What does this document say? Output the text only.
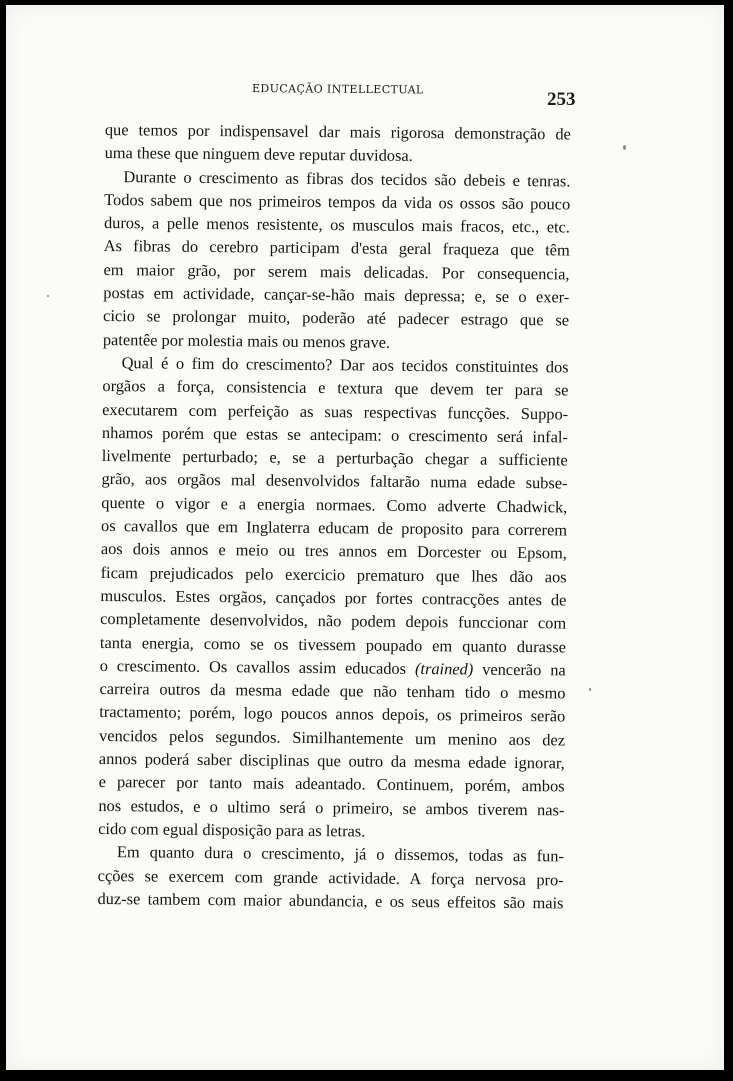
EDUCAÇÃO INTELLECTUAL	253
que temos por indispensavel dar mais rigorosa demonstração de
uma these que ninguem deve reputar duvidosa.
Durante o crescimento as fibras dos tecidos são debeis e tenras.
Todos sabem que nos primeiros tempos da vida os ossos são pouco
duros, a pelle menos resistente, os musculos mais fracos, etc., etc.
As fibras do cerebro participam d'esta geral fraqueza que têm
em maior grão, por serem mais delicadas. Por consequencia,
postas em actividade, cançar-se-hão mais depressa; e, se o exer-
cicio se prolongar muito, poderão até padecer estrago que se
patentêe por molestia mais ou menos grave.
Qual é o fim do crescimento? Dar aos tecidos constituintes dos
orgãos a força, consistencia e textura que devem ter para se
executarem com perfeição as suas respectivas funcções. Suppo-
nhamos porém que estas se antecipam: o crescimento será infal-
livelmente perturbado; e, se a perturbação chegar a sufficiente
grão, aos orgãos mal desenvolvidos faltarão numa edade subse-
quente o vigor e a energia normaes. Como adverte Chadwick,
os cavallos que em Inglaterra educam de proposito para correrem
aos dois annos e meio ou tres annos em Dorcester ou Epsom,
ficam prejudicados pelo exercicio prematuro que lhes dão aos
musculos. Estes orgãos, cançados por fortes contracções antes de
completamente desenvolvidos, não podem depois funccionar com
tanta energia, como se os tivessem poupado em quanto durasse
o crescimento. Os cavallos assim educados (trained) vencerão na
carreira outros da mesma edade que não tenham tido o mesmo
tractamento; porém, logo poucos annos depois, os primeiros serão
vencidos pelos segundos. Similhantemente um menino aos dez
annos poderá saber disciplinas que outro da mesma edade ignorar,
e parecer por tanto mais adeantado. Continuem, porém, ambos
nos estudos, e o ultimo será o primeiro, se ambos tiverem nas-
cido com egual disposição para as letras.
Em quanto dura o crescimento, já o dissemos, todas as fun-
cções se exercem com grande actividade. A força nervosa pro-
duz-se tambem com maior abundancia, e os seus effeitos são mais
